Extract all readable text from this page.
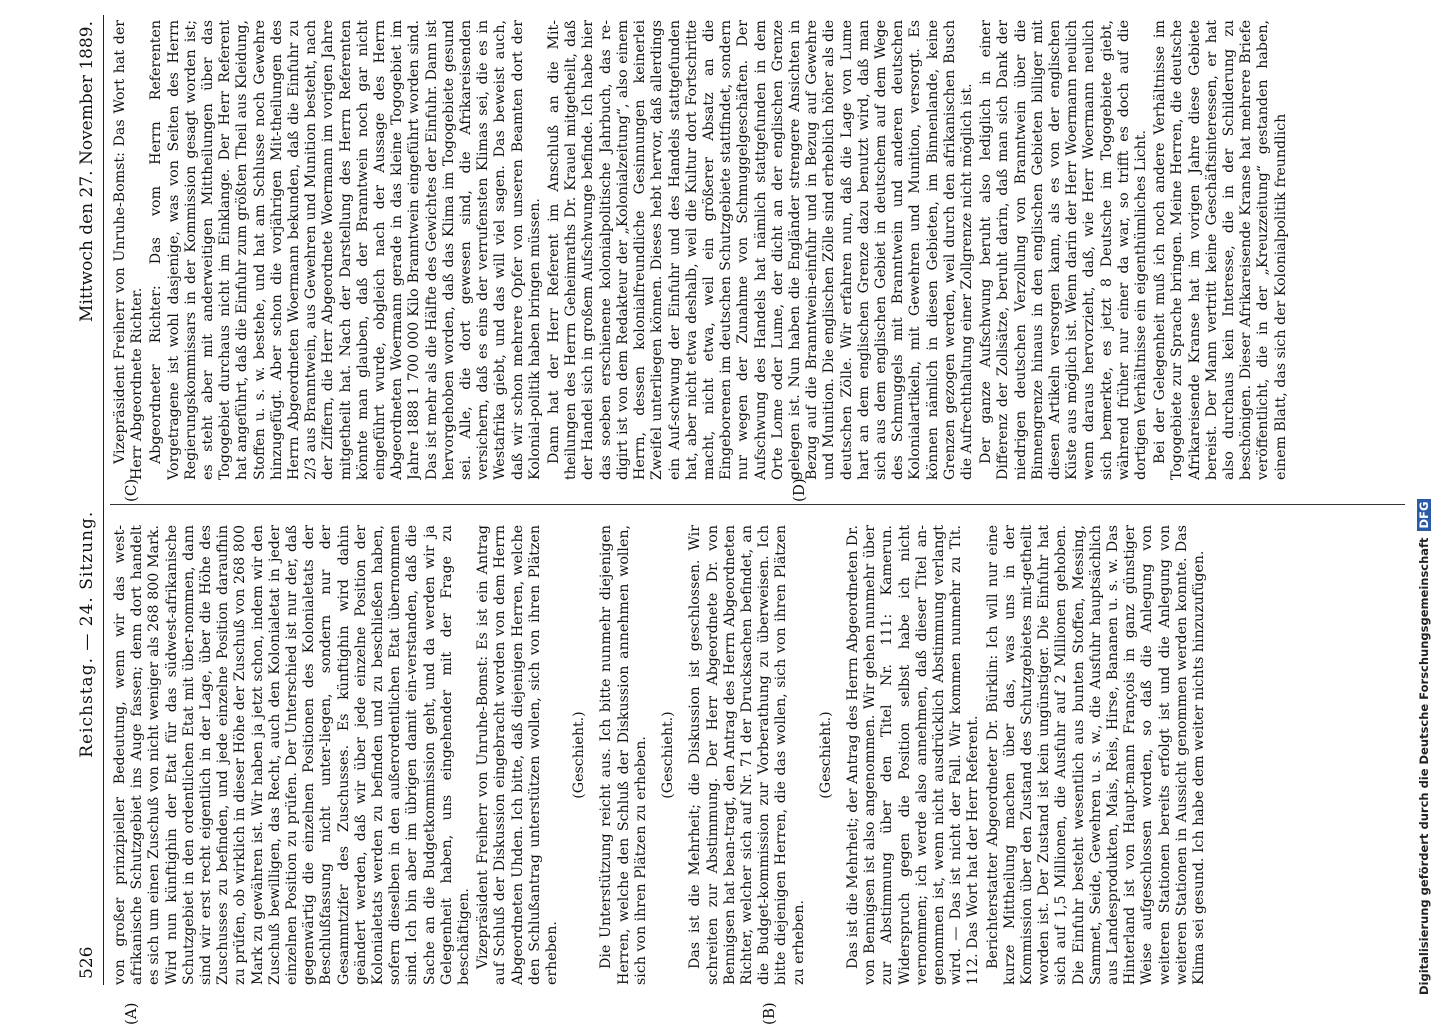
526
Reichstag. — 24. Sitzung.
Mittwoch den 27. November 1889.
(A)	(B)
(C)	(D)

von großer prinzipieller Bedeutung, wenn wir das west-afrikanische Schutzgebiet ins Auge fassen; denn dort handelt es sich um einen Zuschuß von nicht weniger als 268 800 Mark. Wird nun künftighin der Etat für das südwest-afrikanische Schutzgebiet in den ordentlichen Etat mit über-nommen, dann sind wir erst recht eigentlich in der Lage, über die Höhe des Zuschusses zu befinden, und jede einzelne Position daraufhin zu prüfen, ob wirklich in dieser Höhe der Zuschuß von 268 800 Mark zu gewähren ist. Wir haben ja jetzt schon, indem wir den Zuschuß bewilligen, das Recht, auch den Kolonialetat in jeder einzelnen Position zu prüfen. Der Unterschied ist nur der, daß gegenwärtig die einzelnen Positionen des Kolonialetats der Beschlußfassung nicht unter-liegen, sondern nur der Gesammtzifer des Zuschusses. Es künftighin wird dahin geändert werden, daß wir über jede einzelne Position der Kolonialetats werden zu befinden und zu beschließen haben, sofern dieselben in den außerordentlichen Etat übernommen sind. Ich bin aber im übrigen damit ein-verstanden, daß die Sache an die Budgetkommission geht, und da werden wir ja Gelegenheit haben, uns eingehender mit der Frage zu beschäftigen. Vizepräsident Freiherr von Unruhe-Bomst: Es ist ein Antrag auf Schluß der Diskussion eingebracht worden von dem Herrn Abgeordneten Uhden. Ich bitte, daß diejenigen Herren, welche den Schlußantrag unterstützen wollen, sich von ihren Plätzen erheben.

(Geschieht.) Die Unterstützung reicht aus. Ich bitte nunmehr diejenigen Herren, welche den Schluß der Diskussion annehmen wollen, sich von ihren Plätzen zu erheben. (Geschieht.) Das ist die Mehrheit; die Diskussion ist geschlossen. Wir schreiten zur Abstimmung. Der Herr Abgeordnete Dr. von Bennigsen hat bean-tragt, den Antrag des Herrn Abgeordneten Richter, welcher sich auf Nr. 71 der Drucksachen befindet, an die Budget-kommission zur Vorberathung zu überweisen. Ich bitte diejenigen Herren, die das wollen, sich von ihren Plätzen zu erheben.

(Geschieht.) Das ist die Mehrheit; der Antrag des Herrn Abgeordneten Dr. von Bennigsen ist also angenommen. Wir gehen nunmehr über zur Abstimmung über den Titel Nr. 111: Kamerun. Widerspruch gegen die Position selbst habe ich nicht vernommen; ich werde also annehmen, daß dieser Titel an-genommen ist, wenn nicht ausdrücklich Abstimmung verlangt wird. — Das ist nicht der Fall. Wir kommen nunmehr zu Tit. 112. Das Wort hat der Herr Referent. Berichterstatter Abgeordneter Dr. Bürklin: Ich will nur eine kurze Mittheilung machen über das, was uns in der Kommission über den Zustand des Schutzgebietes mit-getheilt worden ist. Der Zustand ist kein ungünstiger. Die Einfuhr hat sich auf 1,5 Millionen, die Ausfuhr auf 2 Millionen gehoben. Die Einfuhr besteht wesentlich aus bunten Stoffen, Messing, Sammet, Seide, Gewehren u. s. w., die Ausfuhr hauptsächlich aus Landesprodukten, Mais, Reis, Hirse, Bananen u. s. w. Das Hinterland ist von Haupt-mann François in ganz günstiger Weise aufgeschlossen worden, so daß die Anlegung von weiteren Stationen bereits erfolgt ist und die Anlegung von weiteren Stationen in Aussicht genommen werden konnte. Das Klima sei gesund. Ich habe dem weiter nichts hinzuzufügen.

Vizepräsident Freiherr von Unruhe-Bomst: Das Wort hat der Herr Abgeordnete Richter. Abgeordneter Richter: Das vom Herrn Referenten Vorgetragene ist wohl dasjenige, was von Seiten des Herrn Regierungskommissars in der Kommission gesagt worden ist; es steht aber mit anderweitigen Mittheilungen über das Togogebiet durchaus nicht im Einklange. Der Herr Referent hat angeführt, daß die Einfuhr zum größten Theil aus Kleidung, Stoffen u. s. w. bestehe, und hat am Schlusse noch Gewehre hinzugefügt. Aber schon die vorjährigen Mit-theilungen des Herrn Abgeordneten Woermann bekunden, daß die Einfuhr zu 2/3 aus Branntwein, aus Gewehren und Munition besteht, nach der Ziffern, die Herr Abgeordnete Woermann im vorigen Jahre mitgetheilt hat. Nach der Darstellung des Herrn Referenten könnte man glauben, daß der Branntwein noch gar nicht eingeführt wurde, obgleich nach der Aussage des Herrn Abgeordneten Woermann gerade in das kleine Togogebiet im Jahre 1888 1 700 000 Kilo Branntwein eingeführt worden sind. Das ist mehr als die Hälfte des Gewichtes der Einfuhr. Dann ist hervorgehoben worden, daß das Klima im Togogebiete gesund sei. Alle, die dort gewesen sind, die Afrikareisenden versichern, daß es eins der verrufensten Klimas sei, die es in Westafrika giebt, und das will viel sagen. Das beweist auch, daß wir schon mehrere Opfer von unseren Beamten dort der Kolonial-politik haben bringen müssen. Dann hat der Herr Referent im Anschluß an die Mit-theilungen des Herrn Geheimraths Dr. Krauel mitgetheilt, daß der Handel sich in großem Aufschwunge befinde. Ich habe hier das soeben erschienene kolonialpolitische Jahrbuch, das re-digirt ist von dem Redakteur der „Kolonialzeitung“, also einem Herrn, dessen kolonialfreundliche Gesinnungen keinerlei Zweifel unterliegen können. Dieses hebt hervor, daß allerdings ein Auf-schwung der Einfuhr und des Handels stattgefunden hat, aber nicht etwa deshalb, weil die Kultur dort Fortschritte macht, nicht etwa, weil ein größerer Absatz an die Eingeborenen im deutschen Schutzgebiete stattfindet, sondern nur wegen der Zunahme von Schmuggelgeschäften. Der Aufschwung des Handels hat nämlich stattgefunden in dem Orte Lome oder Lume, der dicht an der englischen Grenze gelegen ist. Nun haben die Engländer strengere Ansichten in Bezug auf die Branntwein-einfuhr und in Bezug auf Gewehre und Munition. Die englischen Zölle sind erheblich höher als die deutschen Zölle. Wir erfahren nun, daß die Lage von Lume hart an dem englischen Grenze dazu benutzt wird, daß man sich aus dem englischen Gebiet in deutschem auf dem Wege des Schmuggels mit Branntwein und anderen deutschen Kolonialartikeln, mit Gewehren und Munition, versorgt. Es können nämlich in diesen Gebieten, im Binnenlande, keine Grenzen gezogen werden, weil durch den afrikanischen Busch die Aufrechthaltung einer Zollgrenze nicht möglich ist. Der ganze Aufschwung beruht also lediglich in einer Differenz der Zollsätze, beruht darin, daß man sich Dank der niedrigen deutschen Verzollung von Branntwein über die Binnengrenze hinaus in den englischen Gebieten billiger mit diesen Artikeln versorgen kann, als es von der englischen Küste aus möglich ist. Wenn darin der Herr Woermann neulich wenn daraus hervorzieht, daß, wie Herr Woermann neulich sich bemerkte, es jetzt 8 Deutsche im Togogebiete giebt, während früher nur einer da war, so trifft es doch auf die dortigen Verhältnisse ein eigenthümliches Licht. Bei der Gelegenheit muß ich noch andere Verhältnisse im Togogebiete zur Sprache bringen. Meine Herren, die deutsche Afrikareisende Kranse hat im vorigen Jahre diese Gebiete bereist. Der Mann vertritt keine Geschäftsinteressen, er hat also durchaus kein Interesse, die in der Schilderung zu beschönigen. Dieser Afrikareisende Kranse hat mehrere Briefe veröffentlicht, die in der „Kreuzzeitung“ gestanden haben, einem Blatt, das sich der Kolonialpolitik freundlich

Digitalisierung gefördert durch die Deutsche ForschungsgemeinschaftDFG
